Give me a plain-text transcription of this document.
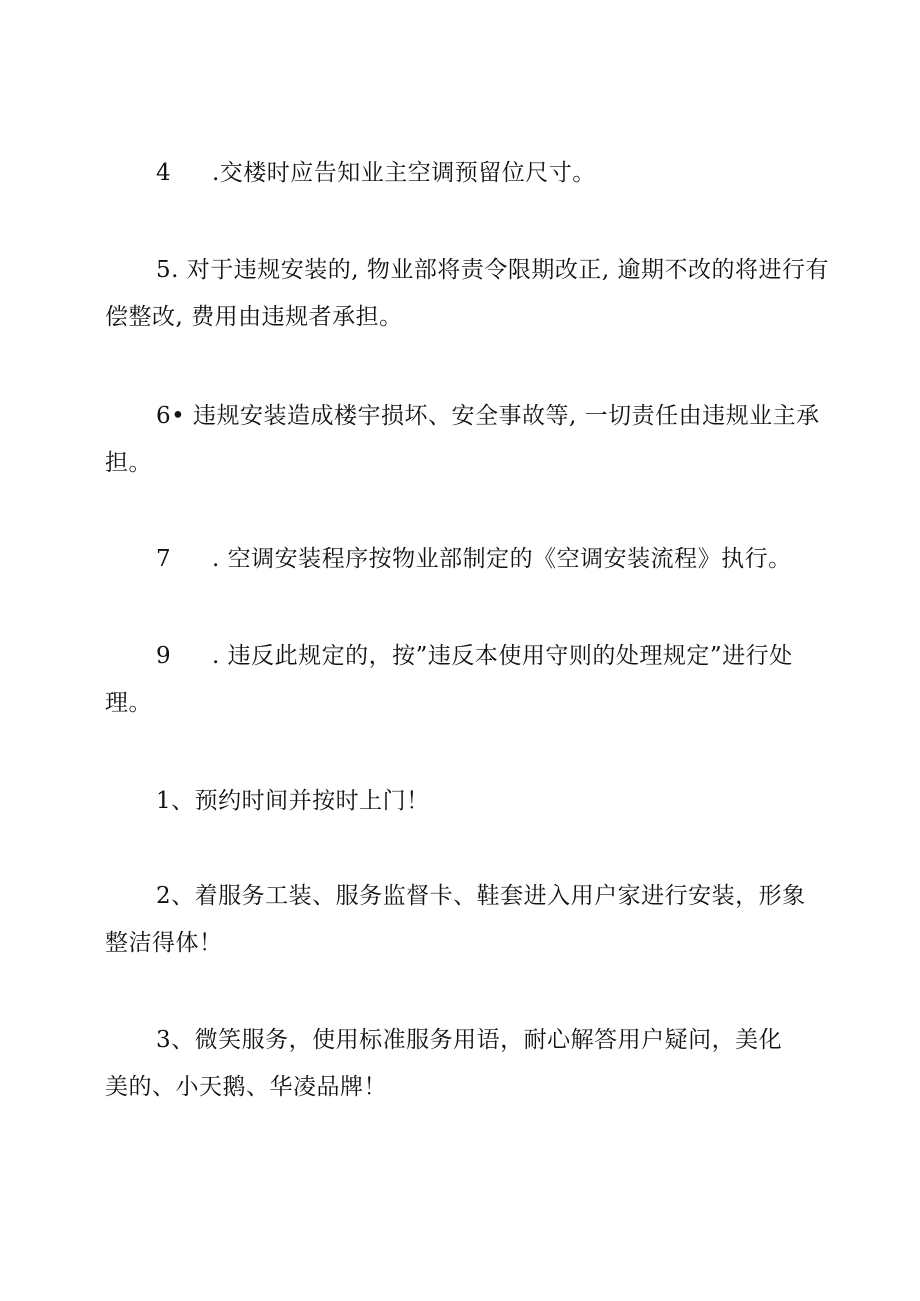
4 .交楼时应告知业主空调预留位尺寸。
5. 对于违规安装的, 物业部将责令限期改正, 逾期不改的将进行有
偿整改, 费用由违规者承担。
6• 违规安装造成楼宇损坏、安全事故等, 一切责任由违规业主承
担。
7 . 空调安装程序按物业部制定的《空调安装流程》执行。
9 . 违反此规定的，按”违反本使用守则的处理规定”进行处
理。
1、预约时间并按时上门！
2、着服务工装、服务监督卡、鞋套进入用户家进行安装，形象
整洁得体！
3、微笑服务，使用标准服务用语，耐心解答用户疑问，美化
美的、小天鹅、华凌品牌！
